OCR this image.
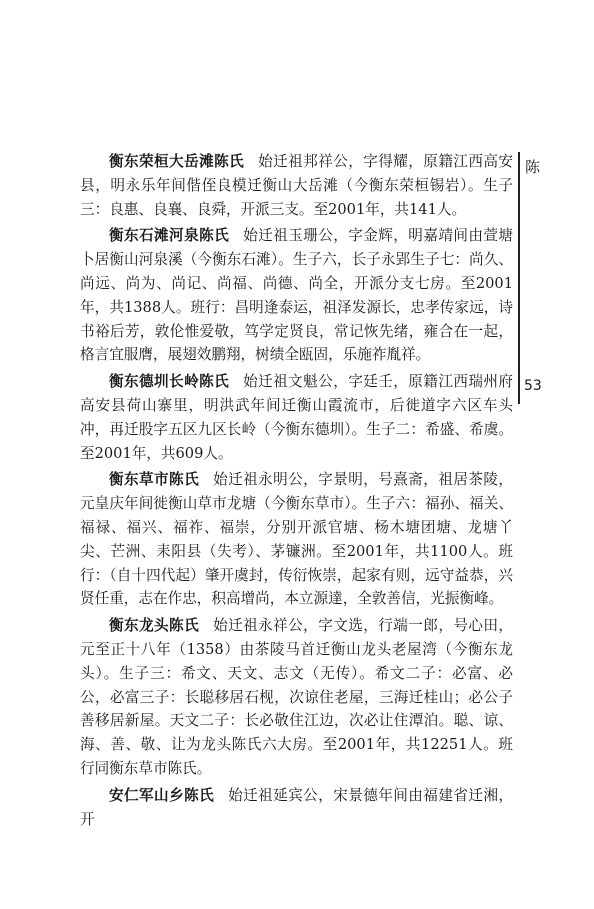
衡东荣桓大岳滩陈氏 始迁祖邦祥公，字得耀，原籍江西高安县，明永乐年间偕侄良模迁衡山大岳滩（今衡东荣桓锡岩）。生子三：良惠、良襄、良舜，开派三支。至2001年，共141人。

衡东石滩河泉陈氏 始迁祖玉珊公，字金辉，明嘉靖间由萱塘卜居衡山河泉溪（今衡东石滩）。生子六，长子永郢生子七：尚久、尚远、尚为、尚记、尚福、尚德、尚全，开派分支七房。至2001年，共1388人。班行：昌明逢泰运，祖泽发源长，忠孝传家远，诗书裕后芳，敦伦惟爱敬，笃学定贤良，常记恢先绪，雍合在一起，格言宜服膺，展翅效鹏翔，树绩全瓯固，乐施祚胤祥。

衡东德圳长岭陈氏 始迁祖文魁公，字廷壬，原籍江西瑞州府高安县荷山寨里，明洪武年间迁衡山霞流市，后徙道字六区车头冲，再迁股字五区九区长岭（今衡东德圳）。生子二：希盛、希虞。至2001年，共609人。

衡东草市陈氏 始迁祖永明公，字景明，号熹斋，祖居茶陵，元皇庆年间徙衡山草市龙塘（今衡东草市）。生子六：福孙、福关、福禄、福兴、福祚、福崇，分别开派官塘、杨木塘团塘、龙塘丫尖、芒洲、耒阳县（失考）、茅镰洲。至2001年，共1100人。班行：（自十四代起）肇开虞封，传衍恢崇，起家有则，远守益恭，兴贤任重，志在作忠，积高增尚，本立源達，全敦善信，光振衡峰。

衡东龙头陈氏 始迁祖永祥公，字文选，行端一郎，号心田，元至正十八年（1358）由茶陵马首迁衡山龙头老屋湾（今衡东龙头）。生子三：希文、天文、志文（无传）。希文二子：必富、必公，必富三子：长聪移居石枧，次谅住老屋，三海迁桂山；必公子善移居新屋。天文二子：长必敬住江边，次必让住潭泊。聪、谅、海、善、敬、让为龙头陈氏六大房。至2001年，共12251人。班行同衡东草市陈氏。

安仁军山乡陈氏 始迁祖延宾公，宋景德年间由福建省迁湘，开

陈
53
